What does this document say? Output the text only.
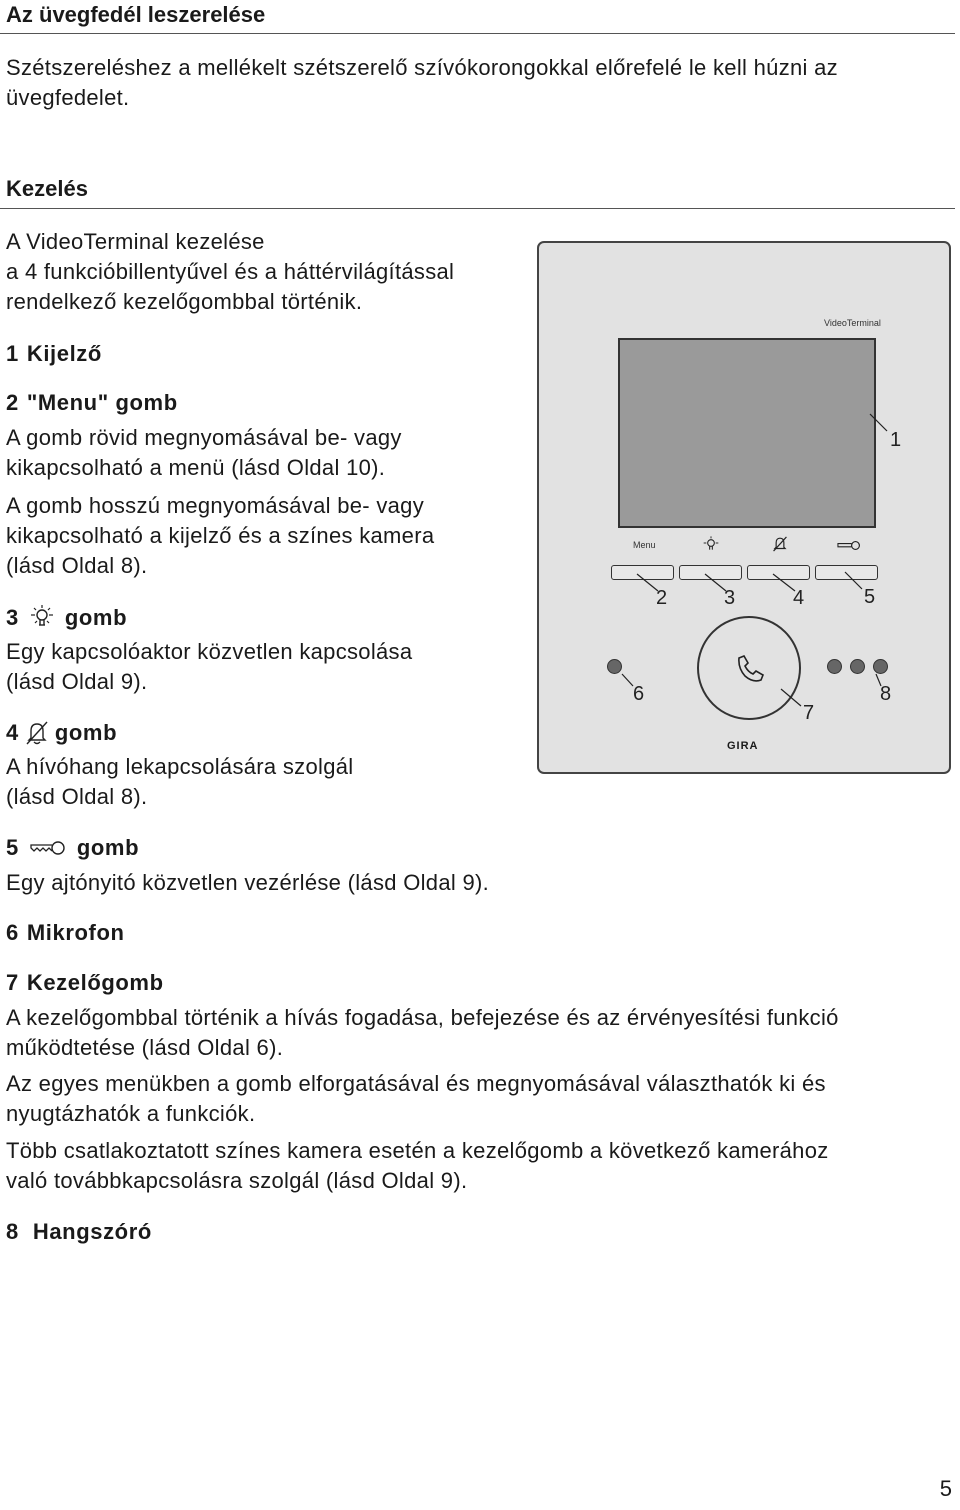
Az üvegfedél leszerelése
Szétszereléshez a mellékelt szétszerelő szívókorongokkal előrefelé le kell húzni az üvegfedelet.
Kezelés
A VideoTerminal kezelése
a 4 funkcióbillentyűvel és a háttérvilágítással
rendelkező kezelőgombbal történik.
1 Kijelző
2 "Menu" gomb
A gomb rövid megnyomásával be- vagy
kikapcsolható a menü (lásd Oldal 10).
A gomb hosszú megnyomásával be- vagy
kikapcsolható a kijelző és a színes kamera
(lásd Oldal 8).
3 gomb
Egy kapcsolóaktor közvetlen kapcsolása
(lásd Oldal 9).
4 gomb
A hívóhang lekapcsolására szolgál
(lásd Oldal 8).
5	gomb
Egy ajtónyitó közvetlen vezérlése (lásd Oldal 9).
6 Mikrofon
7 Kezelőgomb
A kezelőgombbal történik a hívás fogadása, befejezése és az érvényesítési funkció
működtetése (lásd Oldal 6).
Az egyes menükben a gomb elforgatásával és megnyomásával választhatók ki és
nyugtázhatók a funkciók.
Több csatlakoztatott színes kamera esetén a kezelőgomb a következő kamerához
való továbbkapcsolásra szolgál (lásd Oldal 9).
8 Hangszóró
VideoTerminal
Menu
GIRA
1
2	3	4	5
6
7
8
5
